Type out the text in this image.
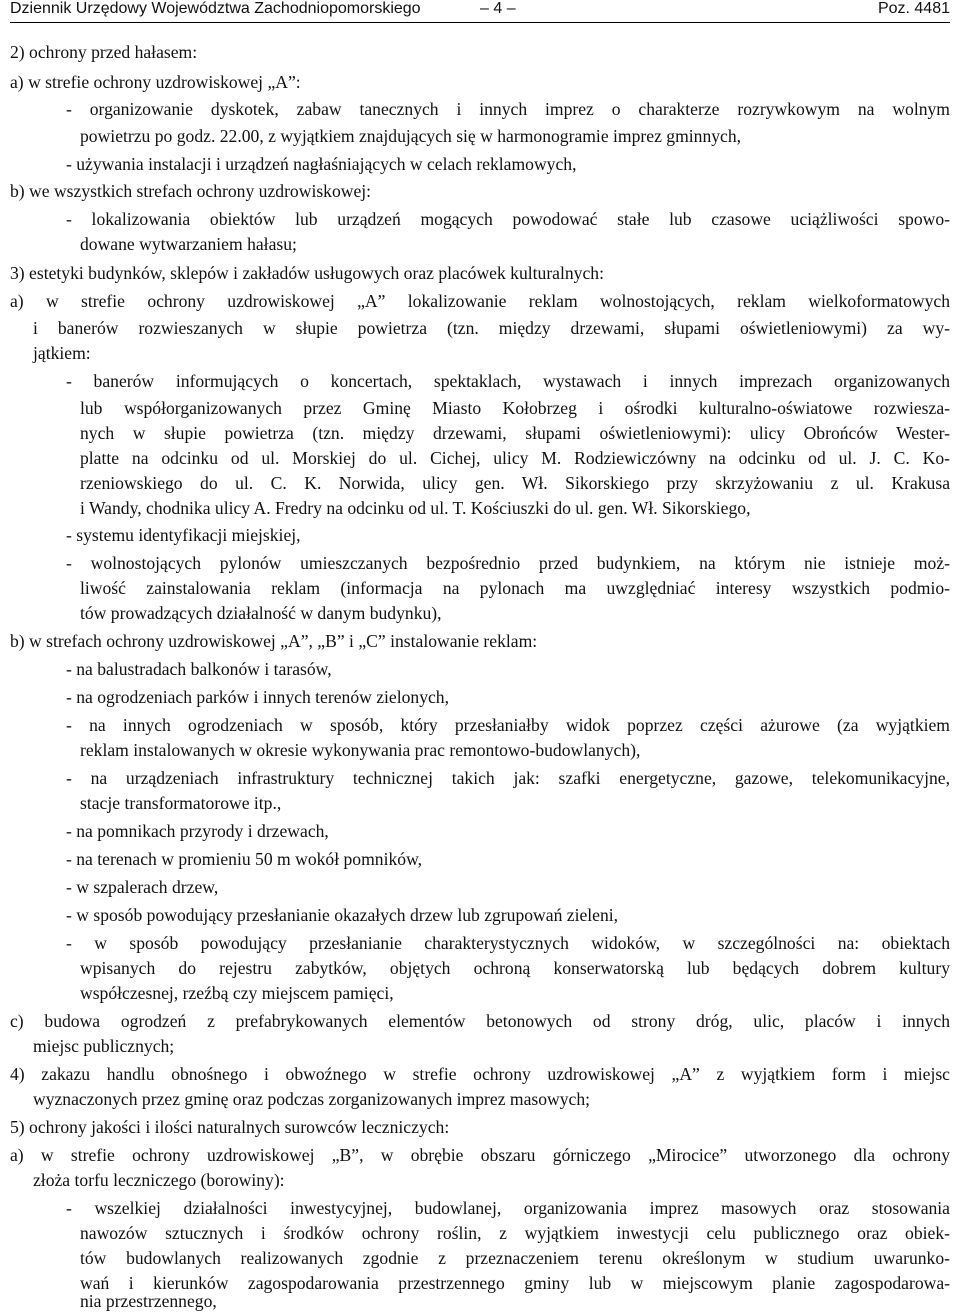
Dziennik Urzędowy Województwa Zachodniopomorskiego	– 4 –	Poz. 4481
2) ochrony przed hałasem:
a) w strefie ochrony uzdrowiskowej „A”:
- organizowanie dyskotek, zabaw tanecznych i innych imprez o charakterze rozrywkowym na wolnym
powietrzu po godz. 22.00, z wyjątkiem znajdujących się w harmonogramie imprez gminnych,
- używania instalacji i urządzeń nagłaśniających w celach reklamowych,
b) we wszystkich strefach ochrony uzdrowiskowej:
- lokalizowania obiektów lub urządzeń mogących powodować stałe lub czasowe uciążliwości spowo-
dowane wytwarzaniem hałasu;
3) estetyki budynków, sklepów i zakładów usługowych oraz placówek kulturalnych:
a) w strefie ochrony uzdrowiskowej „A” lokalizowanie reklam wolnostojących, reklam wielkoformatowych
i banerów rozwieszanych w słupie powietrza (tzn. między drzewami, słupami oświetleniowymi) za wy-
jątkiem:
- banerów informujących o koncertach, spektaklach, wystawach i innych imprezach organizowanych
lub współorganizowanych przez Gminę Miasto Kołobrzeg i ośrodki kulturalno-oświatowe rozwiesza-
nych w słupie powietrza (tzn. między drzewami, słupami oświetleniowymi): ulicy Obrońców Wester-
platte na odcinku od ul. Morskiej do ul. Cichej, ulicy M. Rodziewiczówny na odcinku od ul. J. C. Ko-
rzeniowskiego do ul. C. K. Norwida, ulicy gen. Wł. Sikorskiego przy skrzyżowaniu z ul. Krakusa
i Wandy, chodnika ulicy A. Fredry na odcinku od ul. T. Kościuszki do ul. gen. Wł. Sikorskiego,
- systemu identyfikacji miejskiej,
- wolnostojących pylonów umieszczanych bezpośrednio przed budynkiem, na którym nie istnieje moż-
liwość zainstalowania reklam (informacja na pylonach ma uwzględniać interesy wszystkich podmio-
tów prowadzących działalność w danym budynku),
b) w strefach ochrony uzdrowiskowej „A”, „B” i „C” instalowanie reklam:
- na balustradach balkonów i tarasów,
- na ogrodzeniach parków i innych terenów zielonych,
- na innych ogrodzeniach w sposób, który przesłaniałby widok poprzez części ażurowe (za wyjątkiem
reklam instalowanych w okresie wykonywania prac remontowo-budowlanych),
- na urządzeniach infrastruktury technicznej takich jak: szafki energetyczne, gazowe, telekomunikacyjne,
stacje transformatorowe itp.,
- na pomnikach przyrody i drzewach,
- na terenach w promieniu 50 m wokół pomników,
- w szpalerach drzew,
- w sposób powodujący przesłanianie okazałych drzew lub zgrupowań zieleni,
- w sposób powodujący przesłanianie charakterystycznych widoków, w szczególności na: obiektach
wpisanych do rejestru zabytków, objętych ochroną konserwatorską lub będących dobrem kultury
współczesnej, rzeźbą czy miejscem pamięci,
c) budowa ogrodzeń z prefabrykowanych elementów betonowych od strony dróg, ulic, placów i innych
miejsc publicznych;
4) zakazu handlu obnośnego i obwoźnego w strefie ochrony uzdrowiskowej „A” z wyjątkiem form i miejsc
wyznaczonych przez gminę oraz podczas zorganizowanych imprez masowych;
5) ochrony jakości i ilości naturalnych surowców leczniczych:
a) w strefie ochrony uzdrowiskowej „B”, w obrębie obszaru górniczego „Mirocice” utworzonego dla ochrony
złoża torfu leczniczego (borowiny):
- wszelkiej działalności inwestycyjnej, budowlanej, organizowania imprez masowych oraz stosowania
nawozów sztucznych i środków ochrony roślin, z wyjątkiem inwestycji celu publicznego oraz obiek-
tów budowlanych realizowanych zgodnie z przeznaczeniem terenu określonym w studium uwarunko-
wań i kierunków zagospodarowania przestrzennego gminy lub w miejscowym planie zagospodarowa-
nia przestrzennego,
